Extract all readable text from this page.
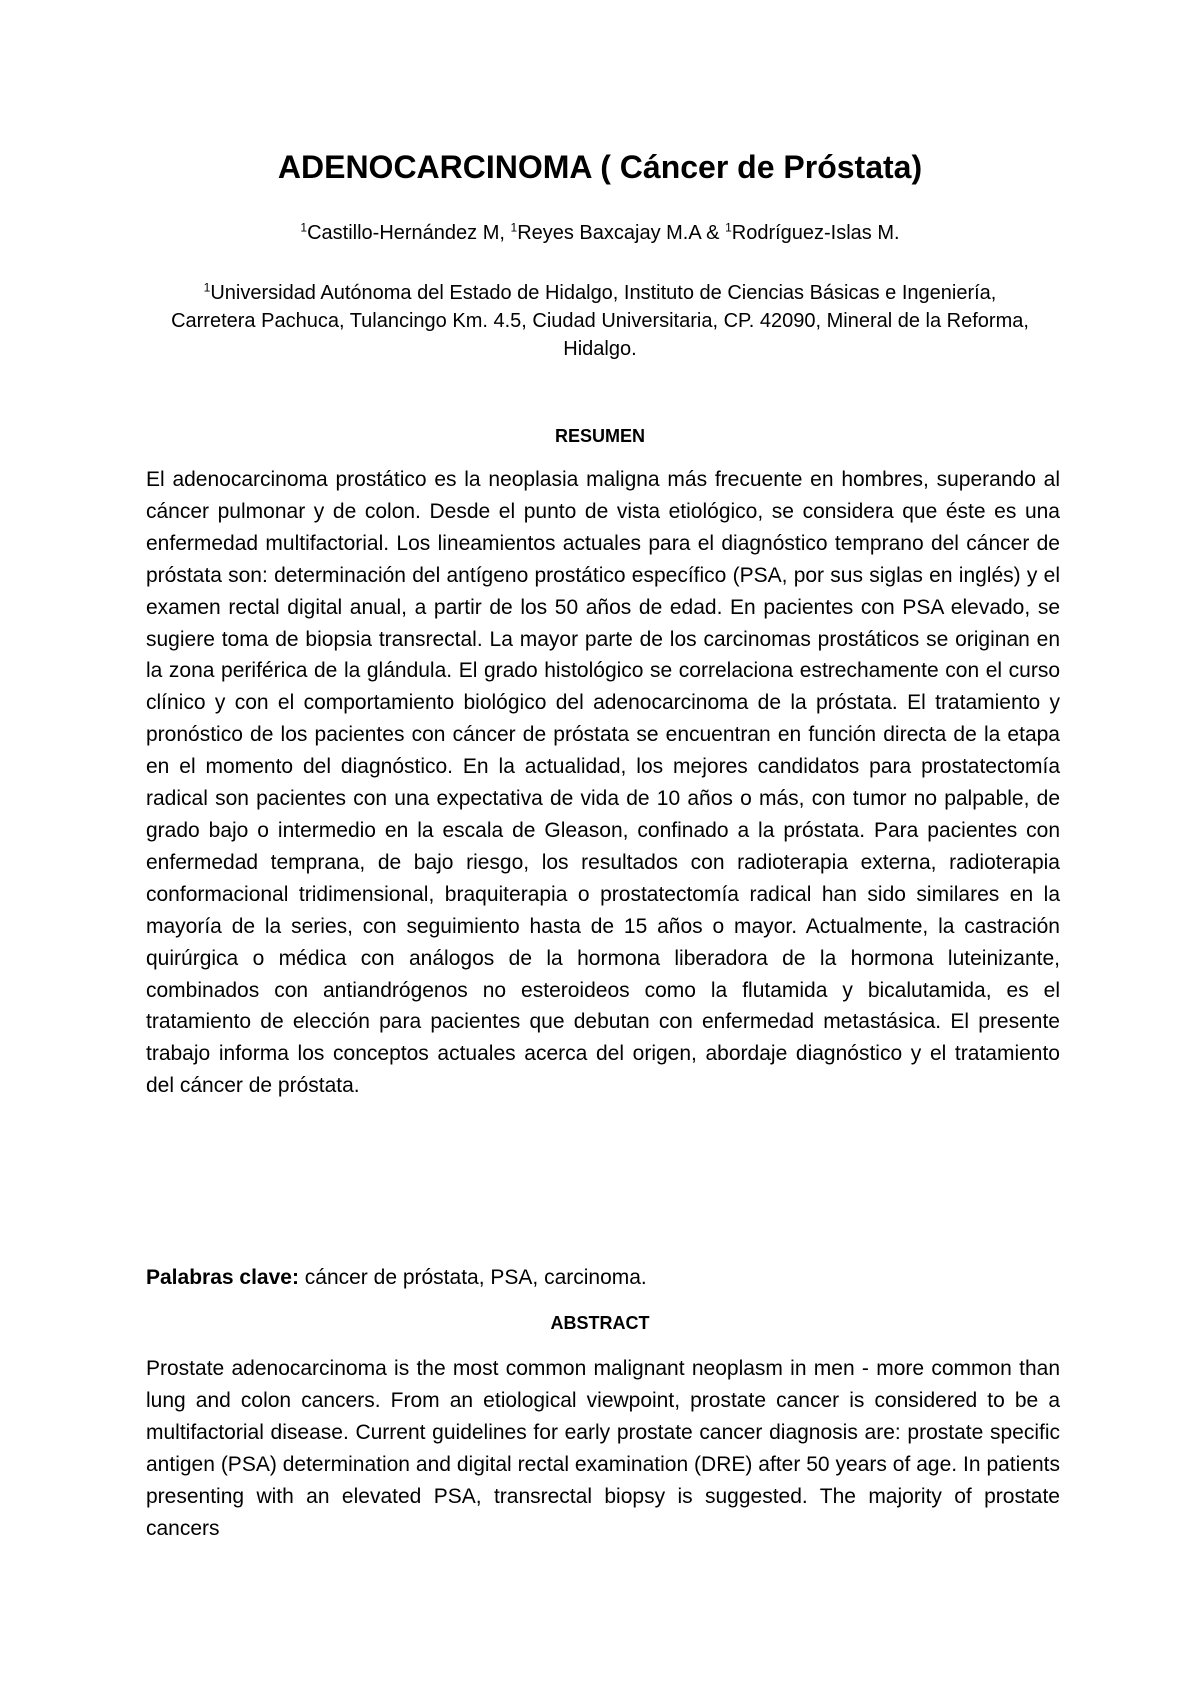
ADENOCARCINOMA ( Cáncer de Próstata)
$^1$Castillo-Hernández M, $^1$Reyes Baxcajay M.A & $^1$Rodríguez-Islas M.
$^1$Universidad Autónoma del Estado de Hidalgo, Instituto de Ciencias Básicas e Ingeniería, Carretera Pachuca, Tulancingo Km. 4.5, Ciudad Universitaria, CP. 42090, Mineral de la Reforma, Hidalgo.
RESUMEN

El adenocarcinoma prostático es la neoplasia maligna más frecuente en hombres, superando al cáncer pulmonar y de colon. Desde el punto de vista etiológico, se considera que éste es una enfermedad multifactorial. Los lineamientos actuales para el diagnóstico temprano del cáncer de próstata son: determinación del antígeno prostático específico (PSA, por sus siglas en inglés) y el examen rectal digital anual, a partir de los 50 años de edad. En pacientes con PSA elevado, se sugiere toma de biopsia transrectal. La mayor parte de los carcinomas prostáticos se originan en la zona periférica de la glándula. El grado histológico se correlaciona estrechamente con el curso clínico y con el comportamiento biológico del adenocarcinoma de la próstata. El tratamiento y pronóstico de los pacientes con cáncer de próstata se encuentran en función directa de la etapa en el momento del diagnóstico. En la actualidad, los mejores candidatos para prostatectomía radical son pacientes con una expectativa de vida de 10 años o más, con tumor no palpable, de grado bajo o intermedio en la escala de Gleason, confinado a la próstata. Para pacientes con enfermedad temprana, de bajo riesgo, los resultados con radioterapia externa, radioterapia conformacional tridimensional, braquiterapia o prostatectomía radical han sido similares en la mayoría de la series, con seguimiento hasta de 15 años o mayor. Actualmente, la castración quirúrgica o médica con análogos de la hormona liberadora de la hormona luteinizante, combinados con antiandrógenos no esteroideos como la flutamida y bicalutamida, es el tratamiento de elección para pacientes que debutan con enfermedad metastásica. El presente trabajo informa los conceptos actuales acerca del origen, abordaje diagnóstico y el tratamiento del cáncer de próstata.

Palabras clave: cáncer de próstata, PSA, carcinoma.
ABSTRACT

Prostate adenocarcinoma is the most common malignant neoplasm in men - more common than lung and colon cancers. From an etiological viewpoint, prostate cancer is considered to be a multifactorial disease. Current guidelines for early prostate cancer diagnosis are: prostate specific antigen (PSA) determination and digital rectal examination (DRE) after 50 years of age. In patients presenting with an elevated PSA, transrectal biopsy is suggested. The majority of prostate cancers
